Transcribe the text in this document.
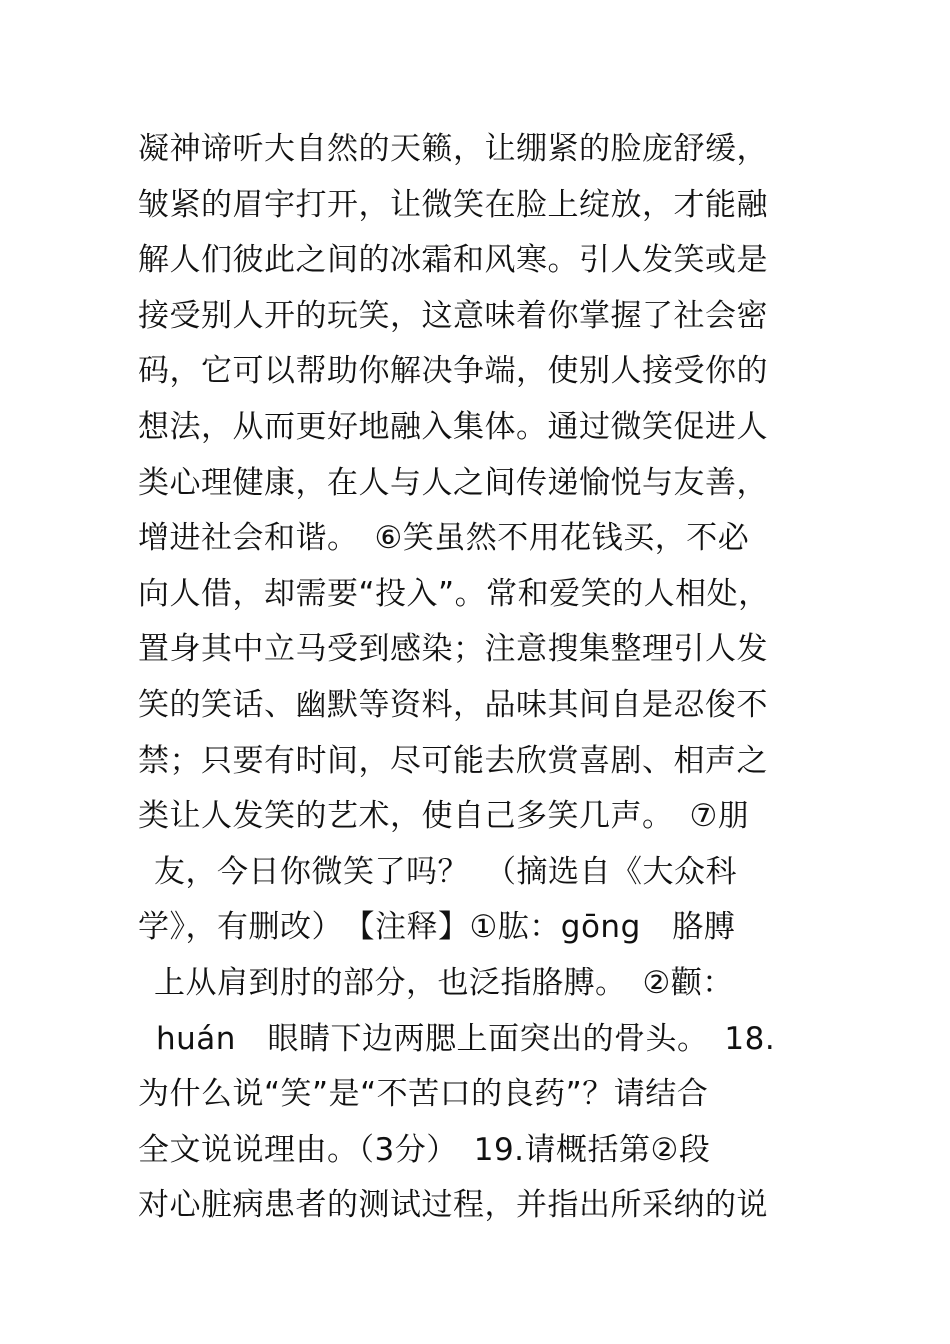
凝神谛听大自然的天籁，让绷紧的脸庞舒缓，
皱紧的眉宇打开，让微笑在脸上绽放，才能融
解人们彼此之间的冰霜和风寒。引人发笑或是
接受别人开的玩笑，这意味着你掌握了社会密
码，它可以帮助你解决争端，使别人接受你的
想法，从而更好地融入集体。通过微笑促进人
类心理健康，在人与人之间传递愉悦与友善，
增进社会和谐。　⑥笑虽然不用花钱买，不必
向人借，却需要“投入”。常和爱笑的人相处，
置身其中立马受到感染；注意搜集整理引人发
笑的笑话、幽默等资料，品味其间自是忍俊不
禁；只要有时间，尽可能去欣赏喜剧、相声之
类让人发笑的艺术，使自己多笑几声。　⑦朋
友，今日你微笑了吗？　（摘选自《大众科
学》，有删改）　【注释】①肱：gōng　胳膊
上从肩到肘的部分，也泛指胳膊。　②颧：
huán　眼睛下边两腮上面突出的骨头。　18.
为什么说“笑”是“不苦口的良药”？请结合
全文说说理由。（3分）　19.请概括第②段
对心脏病患者的测试过程，并指出所采纳的说
